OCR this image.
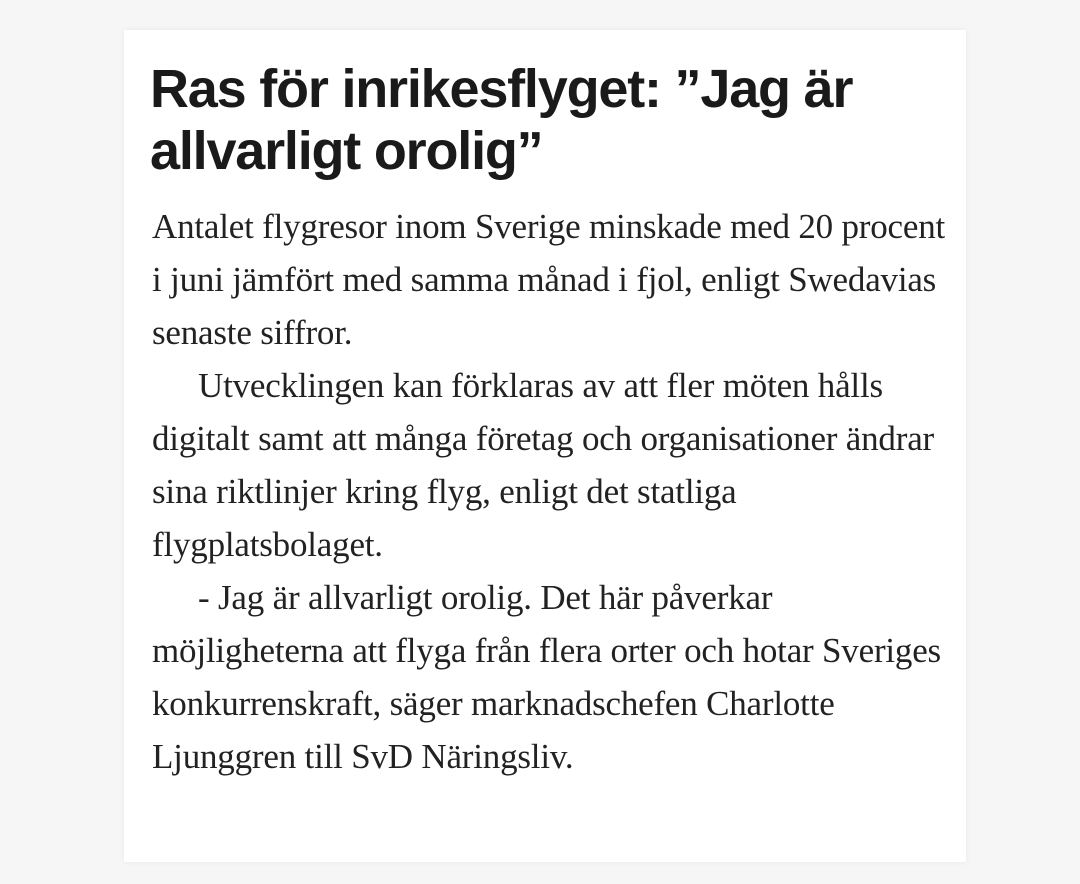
Ras för inrikesflyget: ”Jag är allvarligt orolig”

Antalet flygresor inom Sverige minskade med 20 procent i juni jämfört med samma månad i fjol, enligt Swedavias senaste siffror.

Utvecklingen kan förklaras av att fler möten hålls digitalt samt att många företag och organisationer ändrar sina riktlinjer kring flyg, enligt det statliga flygplatsbolaget.

- Jag är allvarligt orolig. Det här påverkar möjligheterna att flyga från flera orter och hotar Sveriges konkurrenskraft, säger marknadschefen Charlotte Ljunggren till SvD Näringsliv.
